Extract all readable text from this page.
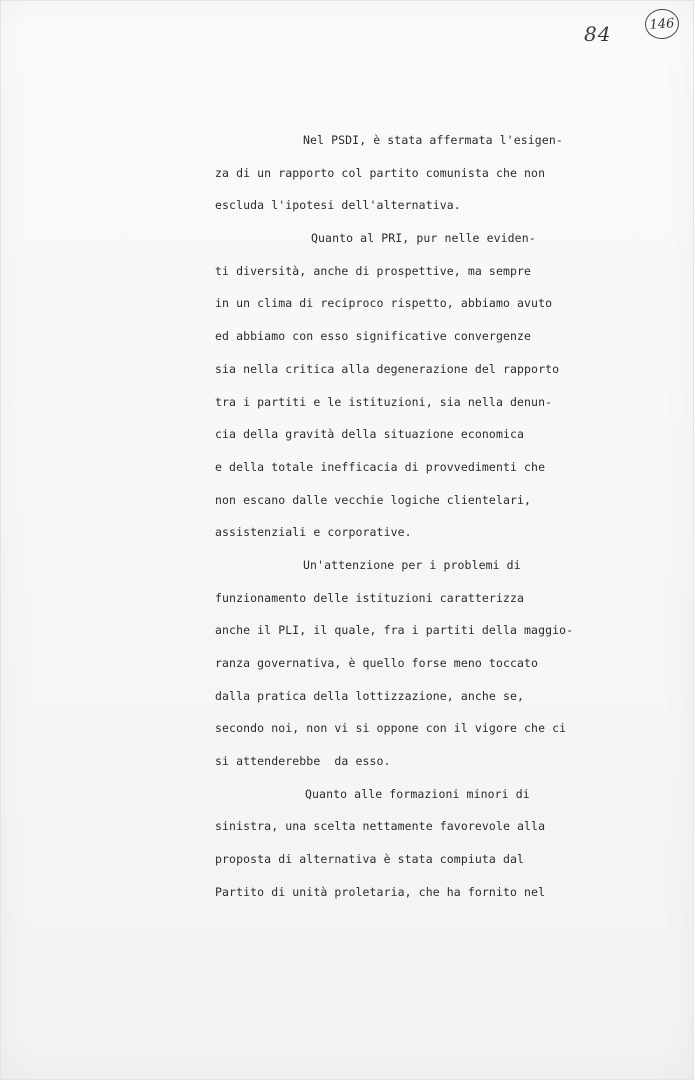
84	146
Nel PSDI, è stata affermata l'esigen-
za di un rapporto col partito comunista che non
escluda l'ipotesi dell'alternativa.
Quanto al PRI, pur nelle eviden-
ti diversità, anche di prospettive, ma sempre
in un clima di reciproco rispetto, abbiamo avuto
ed abbiamo con esso significative convergenze
sia nella critica alla degenerazione del rapporto
tra i partiti e le istituzioni, sia nella denun-
cia della gravità della situazione economica
e della totale inefficacia di provvedimenti che
non escano dalle vecchie logiche clientelari,
assistenziali e corporative.
Un'attenzione per i problemi di
funzionamento delle istituzioni caratterizza
anche il PLI, il quale, fra i partiti della maggio-
ranza governativa, è quello forse meno toccato
dalla pratica della lottizzazione, anche se,
secondo noi, non vi si oppone con il vigore che ci
si attenderebbe  da esso.
Quanto alle formazioni minori di
sinistra, una scelta nettamente favorevole alla
proposta di alternativa è stata compiuta dal
Partito di unità proletaria, che ha fornito nel
